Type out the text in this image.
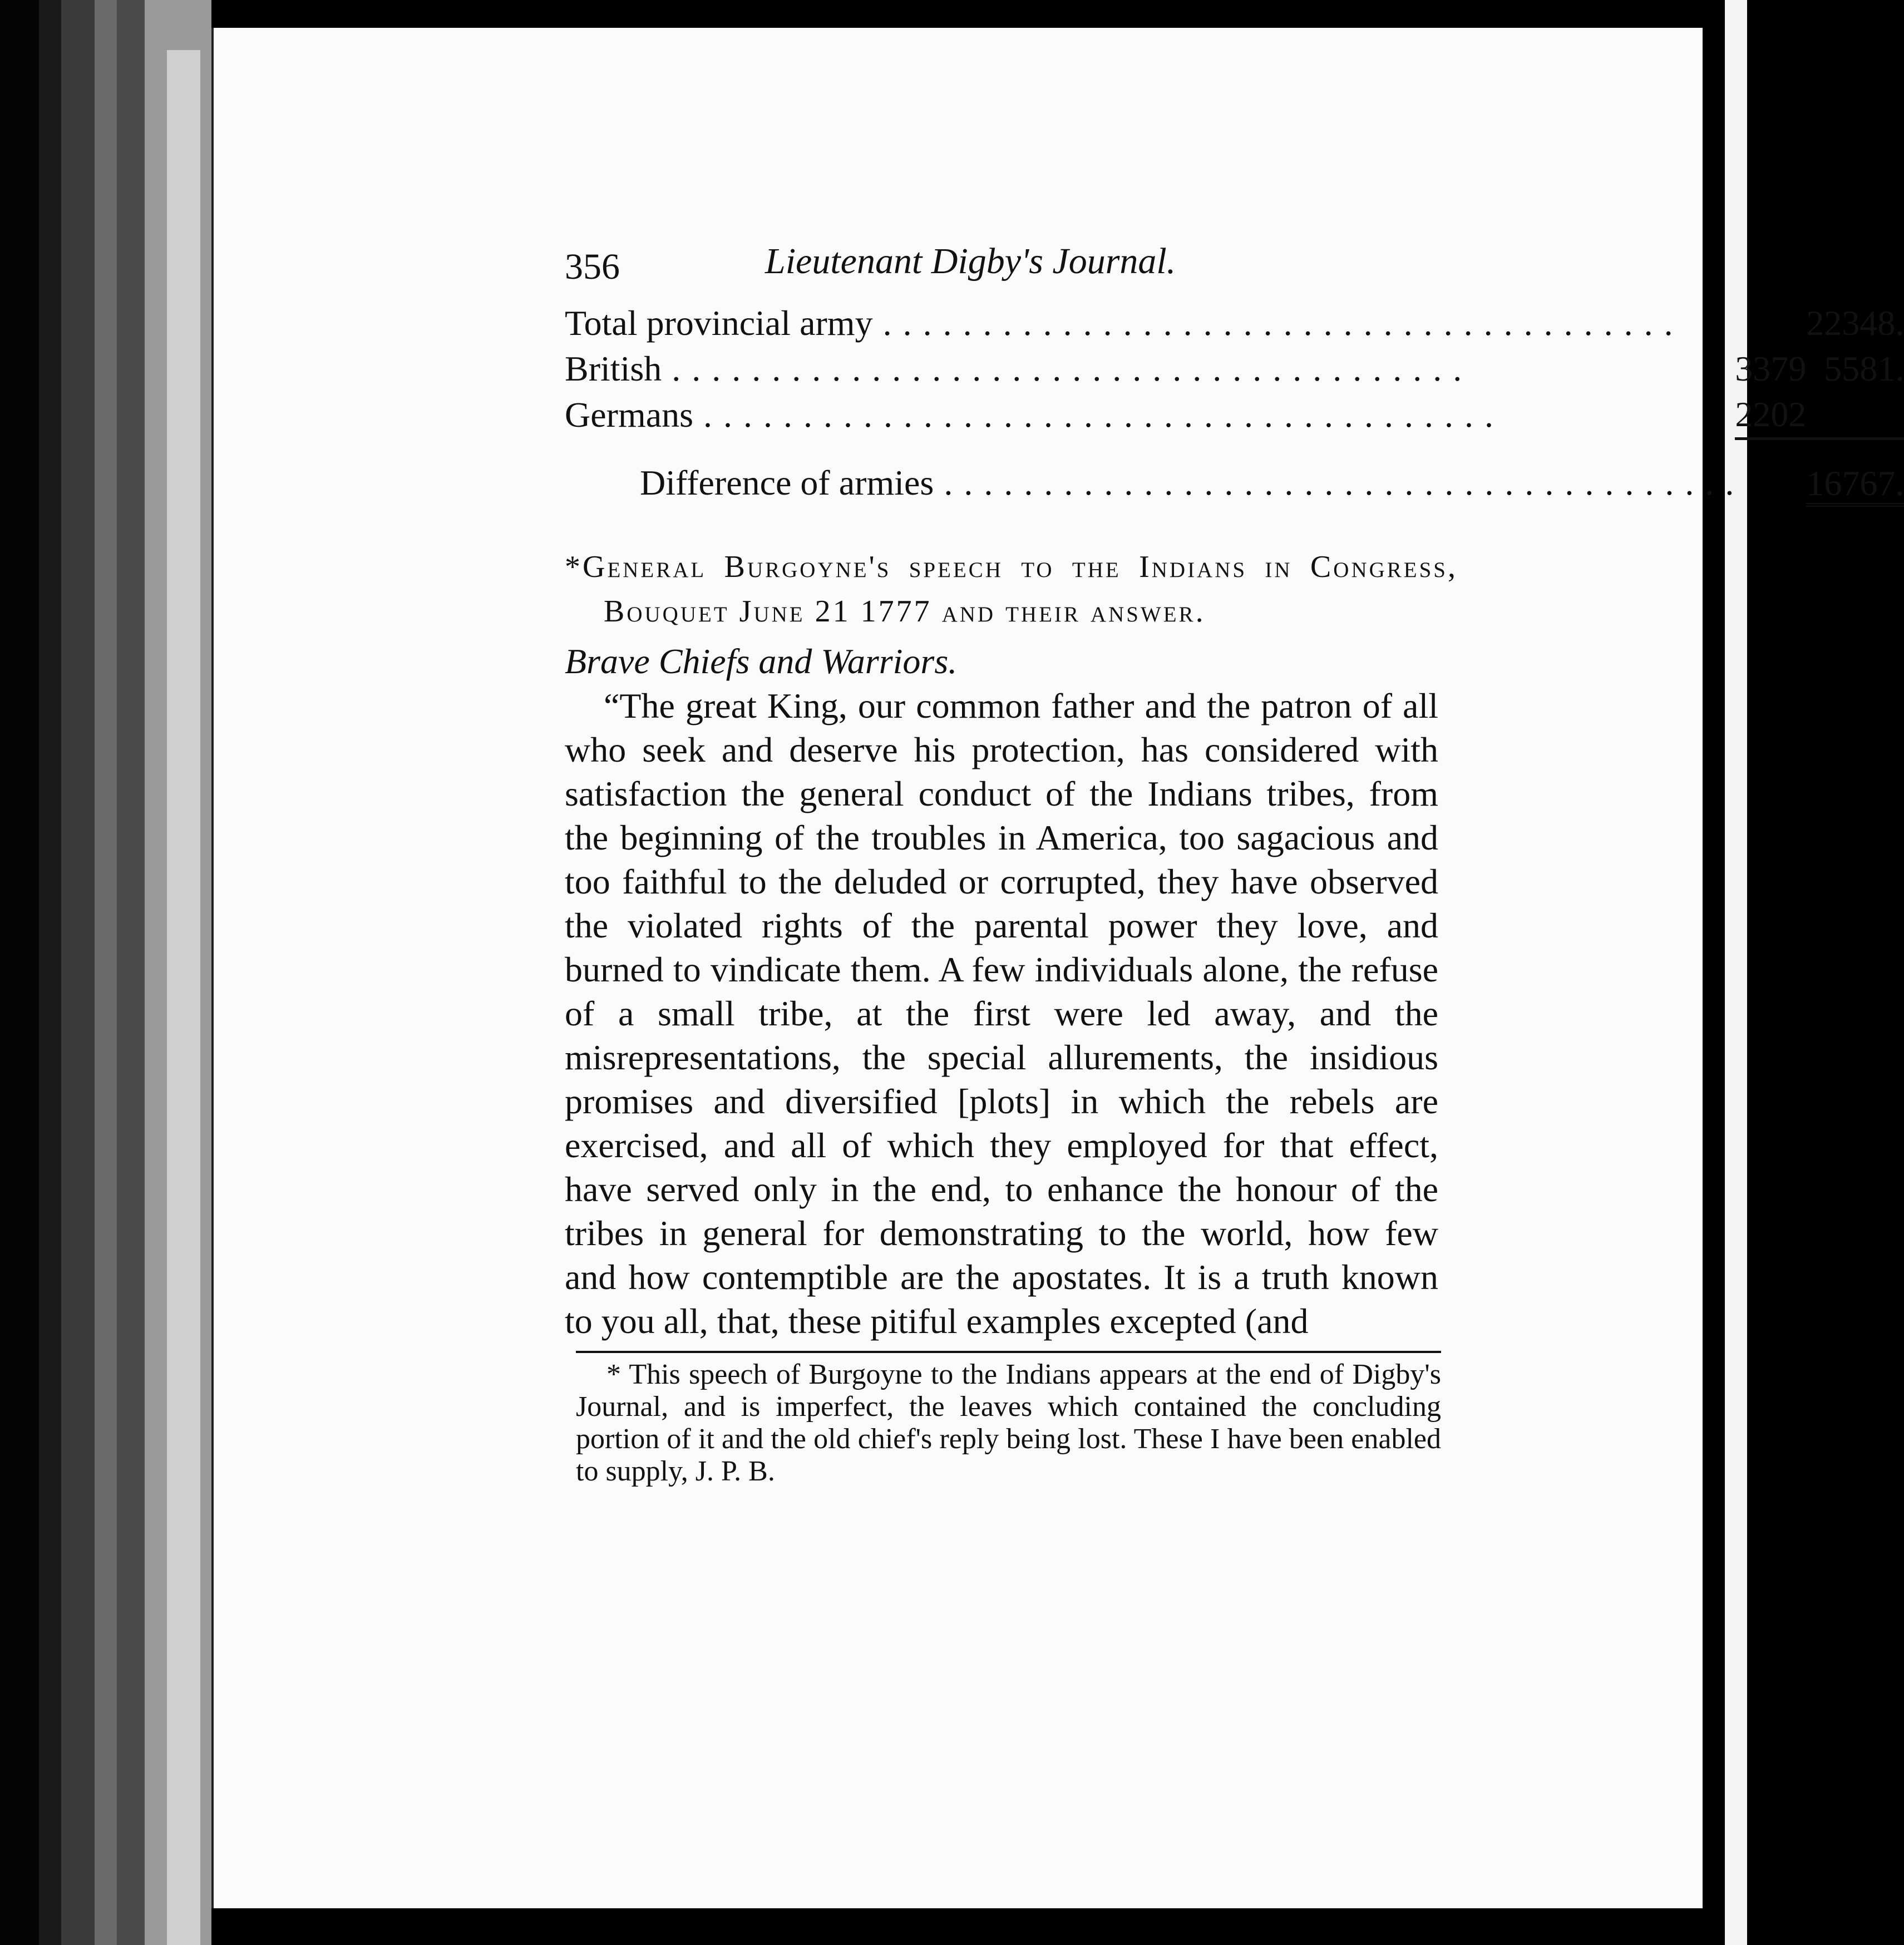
356	Lieutenant Digby's Journal.
Total provincial army . . .		22348.
British . . .	3379	5581.
Germans . . .	2202	
Difference of armies . . .		16767.
*General Burgoyne's speech to the Indians in Congress, Bouquet June 21 1777 and their answer.
Brave Chiefs and Warriors.

“The great King, our common father and the patron of all who seek and deserve his protection, has considered with satisfaction the general conduct of the Indians tribes, from the beginning of the troubles in America, too sagacious and too faithful to the deluded or corrupted, they have observed the violated rights of the parental power they love, and burned to vindicate them. A few individuals alone, the refuse of a small tribe, at the first were led away, and the misrepresentations, the special allurements, the insidious promises and diversified [plots] in which the rebels are exercised, and all of which they employed for that effect, have served only in the end, to enhance the honour of the tribes in general for demonstrating to the world, how few and how contemptible are the apostates. It is a truth known to you all, that, these pitiful examples excepted (and

* This speech of Burgoyne to the Indians appears at the end of Digby's Journal, and is imperfect, the leaves which contained the concluding portion of it and the old chief's reply being lost. These I have been enabled to supply, J. P. B.
